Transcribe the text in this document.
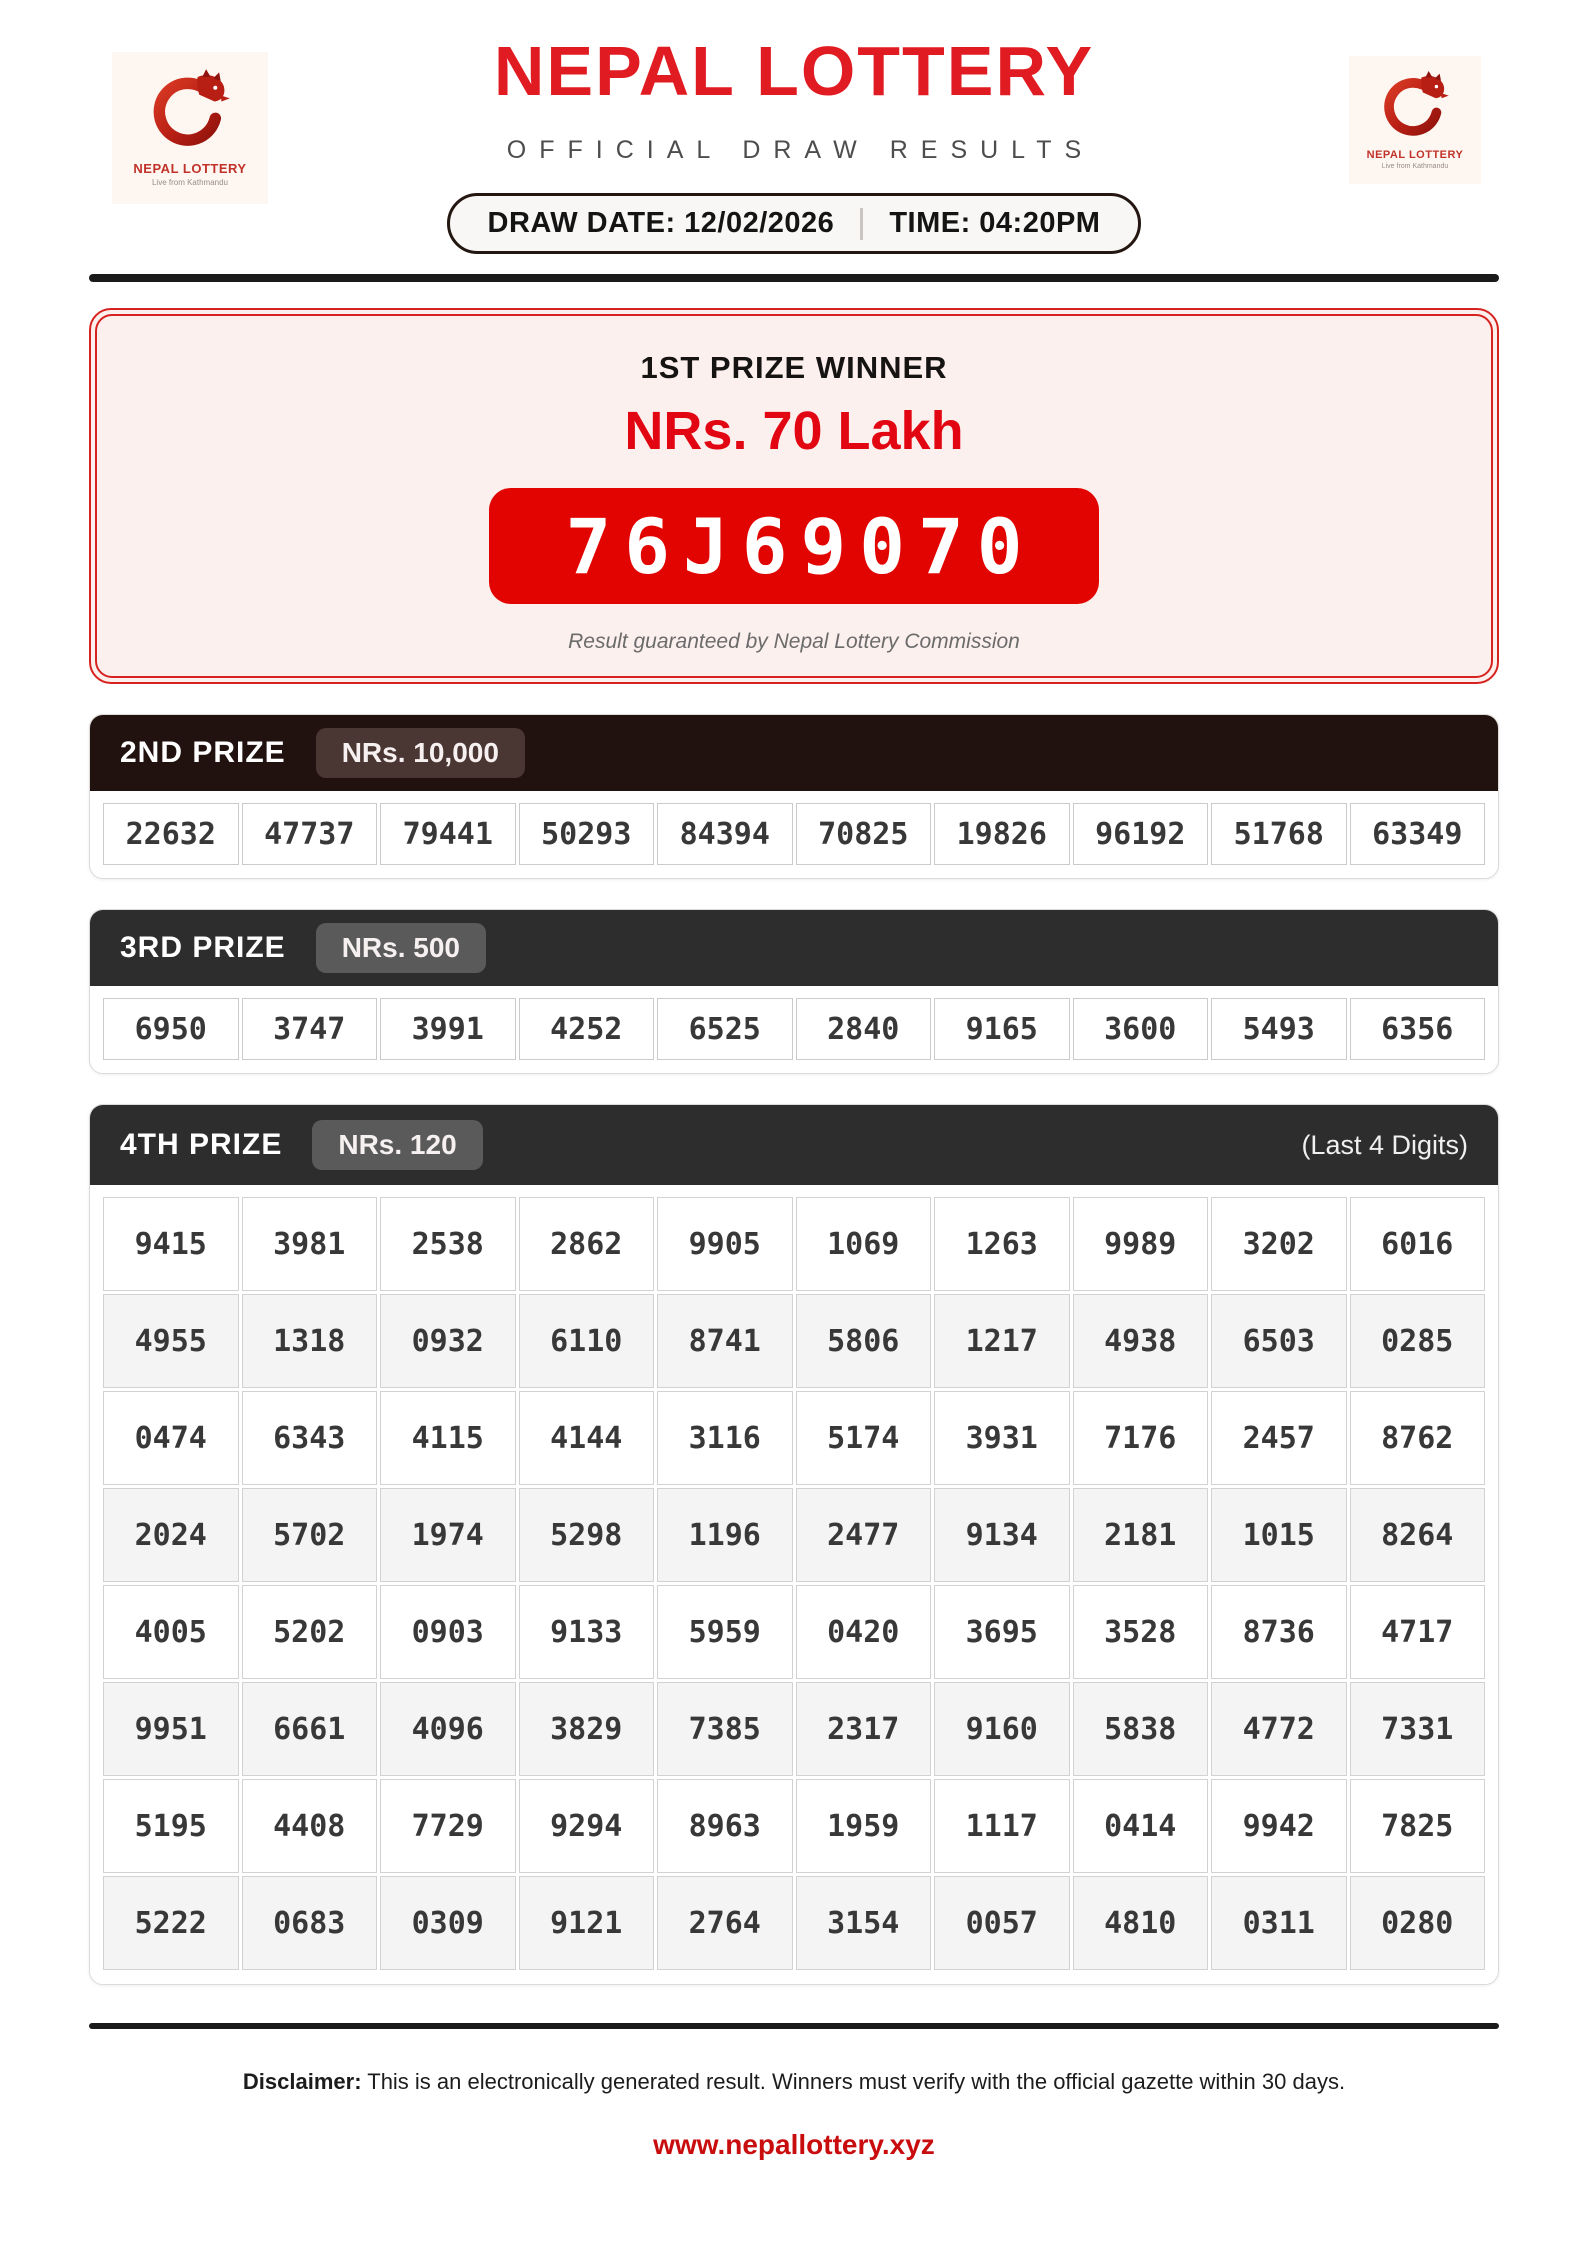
NEPAL LOTTERY
Live from Kathmandu
NEPAL LOTTERY
Live from Kathmandu
NEPAL LOTTERY
OFFICIAL DRAW RESULTS
DRAW DATE: 12/02/2026 TIME: 04:20PM
1ST PRIZE WINNER
NRs. 70 Lakh
76J69070
Result guaranteed by Nepal Lottery Commission
2ND PRIZE	NRs. 10,000
22632	47737	79441	50293	84394	70825	19826	96192	51768	63349
3RD PRIZE	NRs. 500
6950	3747	3991	4252	6525	2840	9165	3600	5493	6356
4TH PRIZE	NRs. 120	(Last 4 Digits)
9415	3981	2538	2862	9905	1069	1263	9989	3202	6016
4955	1318	0932	6110	8741	5806	1217	4938	6503	0285
0474	6343	4115	4144	3116	5174	3931	7176	2457	8762
2024	5702	1974	5298	1196	2477	9134	2181	1015	8264
4005	5202	0903	9133	5959	0420	3695	3528	8736	4717
9951	6661	4096	3829	7385	2317	9160	5838	4772	7331
5195	4408	7729	9294	8963	1959	1117	0414	9942	7825
5222	0683	0309	9121	2764	3154	0057	4810	0311	0280

Disclaimer: This is an electronically generated result. Winners must verify with the official gazette within 30 days.

www.nepallottery.xyz
